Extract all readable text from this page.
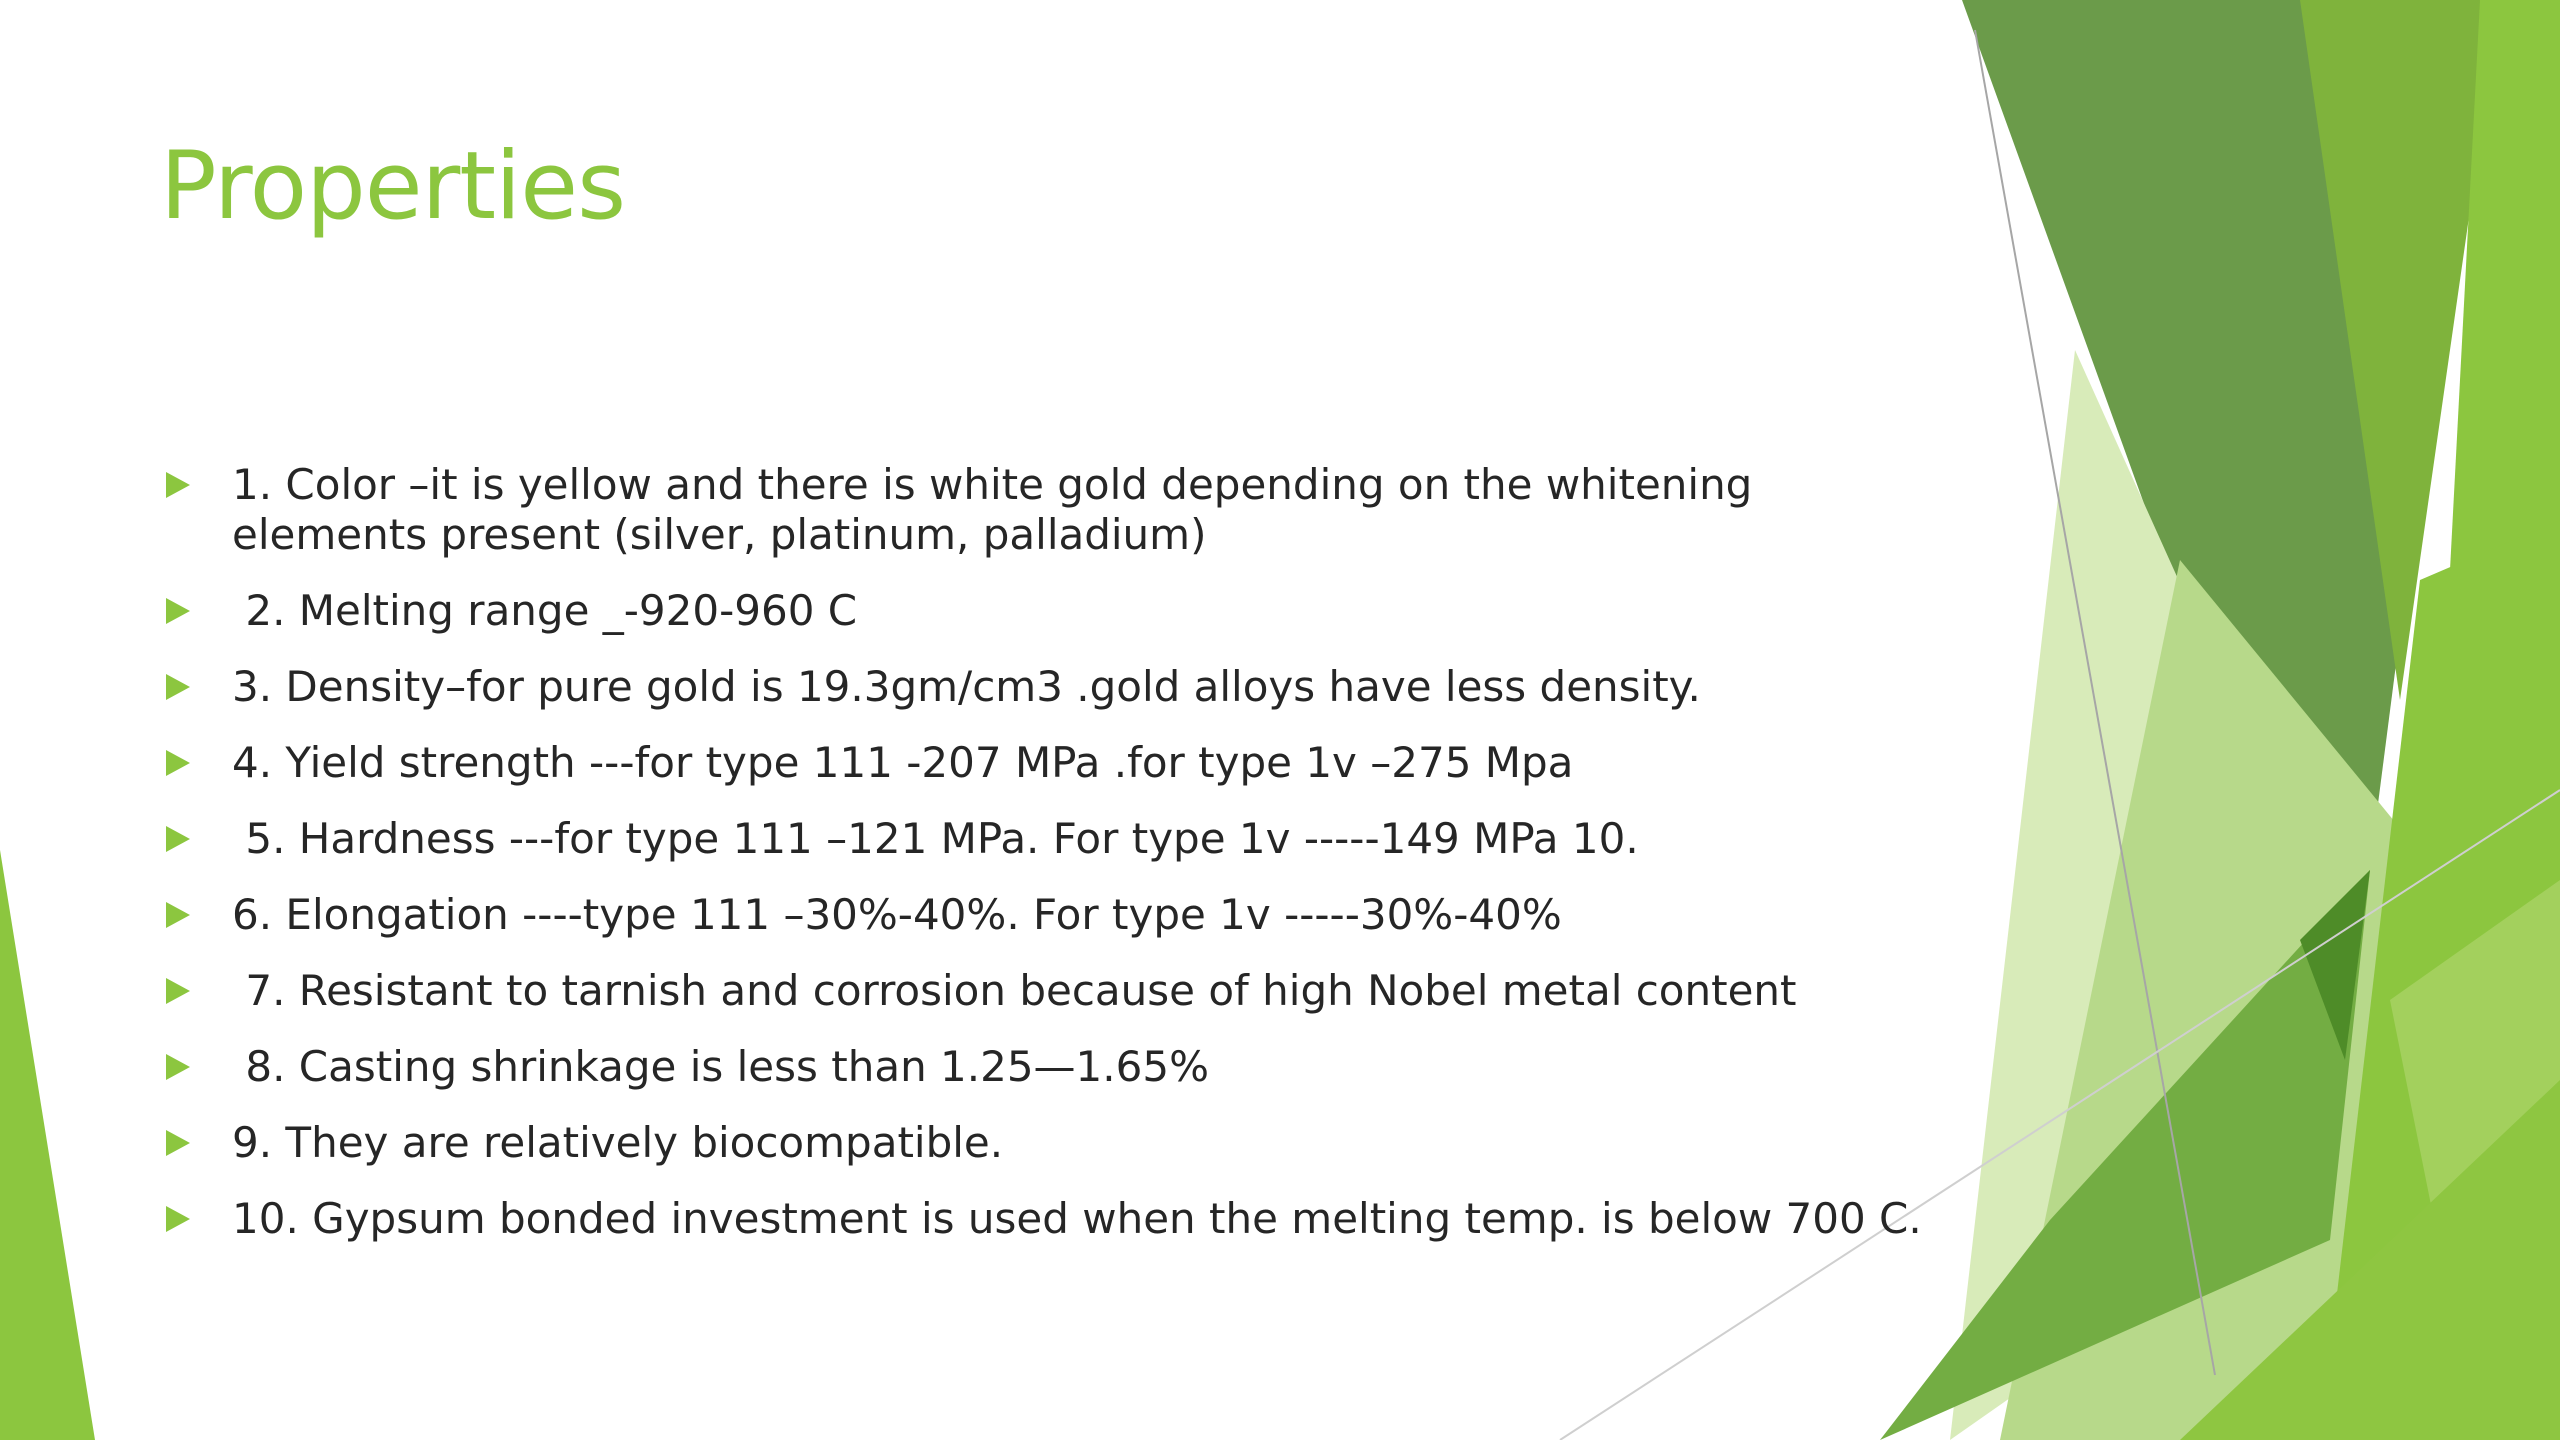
Properties
1. Color –it is yellow and there is white gold depending on the whitening elements present (silver, platinum, palladium)
2. Melting range _-920-960 C
3. Density–for pure gold is 19.3gm/cm3 .gold alloys have less density.
4. Yield strength ---for type 111 -207 MPa .for type 1v –275 Mpa
5. Hardness ---for type 111 –121 MPa. For type 1v -----149 MPa 10.
6. Elongation ----type 111 –30%-40%. For type 1v -----30%-40%
7. Resistant to tarnish and corrosion because of high Nobel metal content
8. Casting shrinkage is less than 1.25—1.65%
9. They are relatively biocompatible.
10. Gypsum bonded investment is used when the melting temp. is below 700 C.
